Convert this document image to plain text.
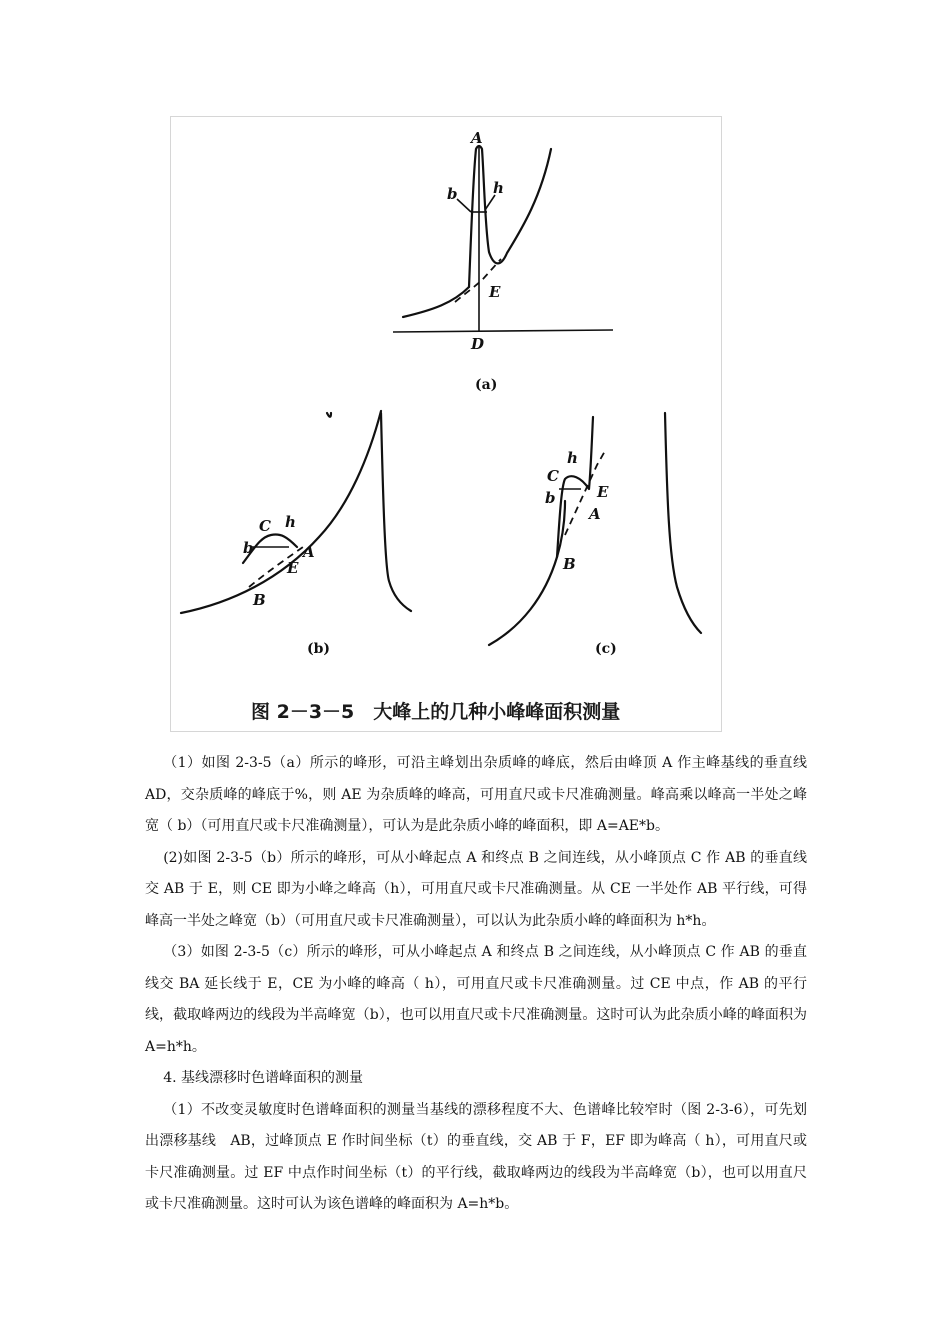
A
b h
E
D
(a)
C h
b	A
E
B
(b)
C
h
b	E
A
B
(c)
图 2－3－5　大峰上的几种小峰峰面积测量

（1）如图 2-3-5（a）所示的峰形，可沿主峰划出杂质峰的峰底，然后由峰顶 A 作主峰基线的垂直线 AD，交杂质峰的峰底于%，则 AE 为杂质峰的峰高，可用直尺或卡尺准确测量。峰高乘以峰高一半处之峰宽（ b）（可用直尺或卡尺准确测量），可认为是此杂质小峰的峰面积，即 A=AE*b。

(2)如图 2-3-5（b）所示的峰形，可从小峰起点 A 和终点 B 之间连线，从小峰顶点 C 作 AB 的垂直线交 AB 于 E，则 CE 即为小峰之峰高（h），可用直尺或卡尺准确测量。从 CE 一半处作 AB 平行线，可得峰高一半处之峰宽（b）（可用直尺或卡尺准确测量），可以认为此杂质小峰的峰面积为 h*h。

（3）如图 2-3-5（c）所示的峰形，可从小峰起点 A 和终点 B 之间连线，从小峰顶点 C 作 AB 的垂直线交 BA 延长线于 E，CE 为小峰的峰高（ h），可用直尺或卡尺准确测量。过 CE 中点，作 AB 的平行线，截取峰两边的线段为半高峰宽（b），也可以用直尺或卡尺准确测量。这时可认为此杂质小峰的峰面积为 A=h*h。

4. 基线漂移时色谱峰面积的测量

（1）不改变灵敏度时色谱峰面积的测量当基线的漂移程度不大、色谱峰比较窄时（图 2-3-6），可先划出漂移基线　AB，过峰顶点 E 作时间坐标（t）的垂直线，交 AB 于 F，EF 即为峰高（ h），可用直尺或卡尺准确测量。过 EF 中点作时间坐标（t）的平行线，截取峰两边的线段为半高峰宽（b），也可以用直尺或卡尺准确测量。这时可认为该色谱峰的峰面积为 A=h*b。
